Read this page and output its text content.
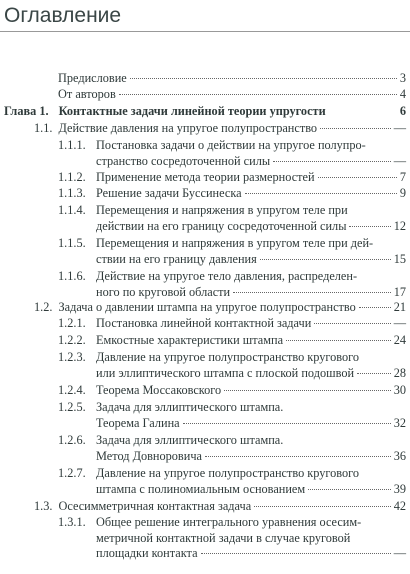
Оглавление
Предисловие	3
От авторов	4
Глава 1. Контактные задачи линейной теории упругости	6
1.1. Действие давления на упругое полупространство	—
1.1.1. Постановка задачи о действии на упругое полупро-
странство сосредоточенной силы	—
1.1.2. Применение метода теории размерностей	7
1.1.3. Решение задачи Буссинеска	9
1.1.4. Перемещения и напряжения в упругом теле при
действии на его границу сосредоточенной силы	12
1.1.5. Перемещения и напряжения в упругом теле при дей-
ствии на его границу давления	15
1.1.6. Действие на упругое тело давления, распределен-
ного по круговой области	17
1.2. Задача о давлении штампа на упругое полупространство	21
1.2.1. Постановка линейной контактной задачи	—
1.2.2. Емкостные характеристики штампа	24
1.2.3. Давление на упругое полупространство кругового
или эллиптического штампа с плоской подошвой	28
1.2.4. Теорема Моссаковского	30
1.2.5. Задача для эллиптического штампа.
Теорема Галина	32
1.2.6. Задача для эллиптического штампа.
Метод Довноровича	36
1.2.7. Давление на упругое полупространство кругового
штампа с полиномиальным основанием	39
1.3. Осесимметричная контактная задача	42
1.3.1. Общее решение интегрального уравнения осесим-
метричной контактной задачи в случае круговой
площадки контакта	—
